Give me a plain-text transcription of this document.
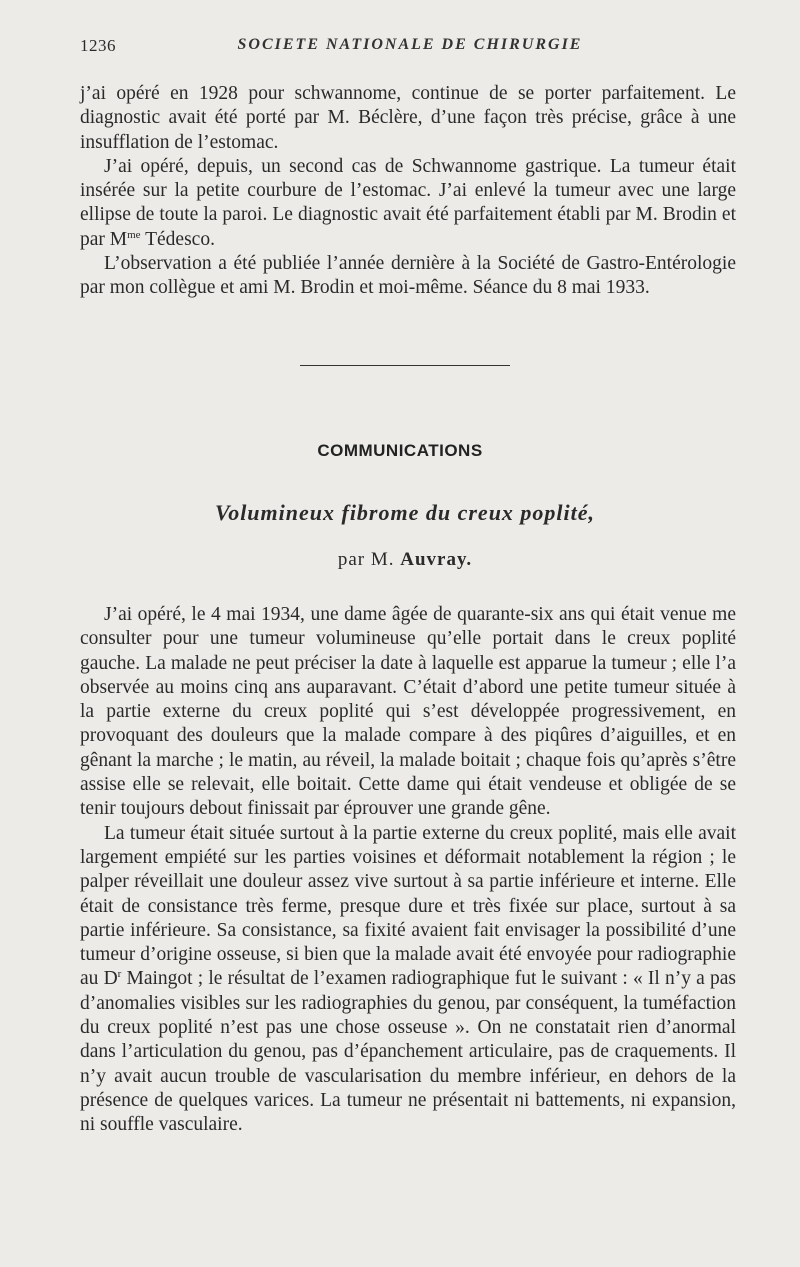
1236	SOCIETE NATIONALE DE CHIRURGIE

j’ai opéré en 1928 pour schwannome, continue de se porter parfaitement. Le diagnostic avait été porté par M. Béclère, d’une façon très précise, grâce à une insufflation de l’estomac.

J’ai opéré, depuis, un second cas de Schwannome gastrique. La tumeur était insérée sur la petite courbure de l’estomac. J’ai enlevé la tumeur avec une large ellipse de toute la paroi. Le diagnostic avait été parfaitement établi par M. Brodin et par $M^{me}$ Tédesco.

L’observation a été publiée l’année dernière à la Société de Gastro-Entérologie par mon collègue et ami M. Brodin et moi-même. Séance du 8 mai 1933.

COMMUNICATIONS
Volumineux fibrome du creux poplité,
par M. Auvray.

J’ai opéré, le 4 mai 1934, une dame âgée de quarante-six ans qui était venue me consulter pour une tumeur volumineuse qu’elle portait dans le creux poplité gauche. La malade ne peut préciser la date à laquelle est apparue la tumeur ; elle l’a observée au moins cinq ans auparavant. C’était d’abord une petite tumeur située à la partie externe du creux poplité qui s’est développée progressivement, en provoquant des douleurs que la malade compare à des piqûres d’aiguilles, et en gênant la marche ; le matin, au réveil, la malade boitait ; chaque fois qu’après s’être assise elle se relevait, elle boitait. Cette dame qui était vendeuse et obligée de se tenir toujours debout finissait par éprouver une grande gêne.

La tumeur était située surtout à la partie externe du creux poplité, mais elle avait largement empiété sur les parties voisines et déformait notablement la région ; le palper réveillait une douleur assez vive surtout à sa partie inférieure et interne. Elle était de consistance très ferme, presque dure et très fixée sur place, surtout à sa partie inférieure. Sa consistance, sa fixité avaient fait envisager la possibilité d’une tumeur d’origine osseuse, si bien que la malade avait été envoyée pour radiographie au $D^r$ Maingot ; le résultat de l’examen radiographique fut le suivant : « Il n’y a pas d’anomalies visibles sur les radiographies du genou, par conséquent, la tuméfaction du creux poplité n’est pas une chose osseuse ». On ne constatait rien d’anormal dans l’articulation du genou, pas d’épanchement articulaire, pas de craquements. Il n’y avait aucun trouble de vascularisation du membre inférieur, en dehors de la présence de quelques varices. La tumeur ne présentait ni battements, ni expansion, ni souffle vasculaire.
